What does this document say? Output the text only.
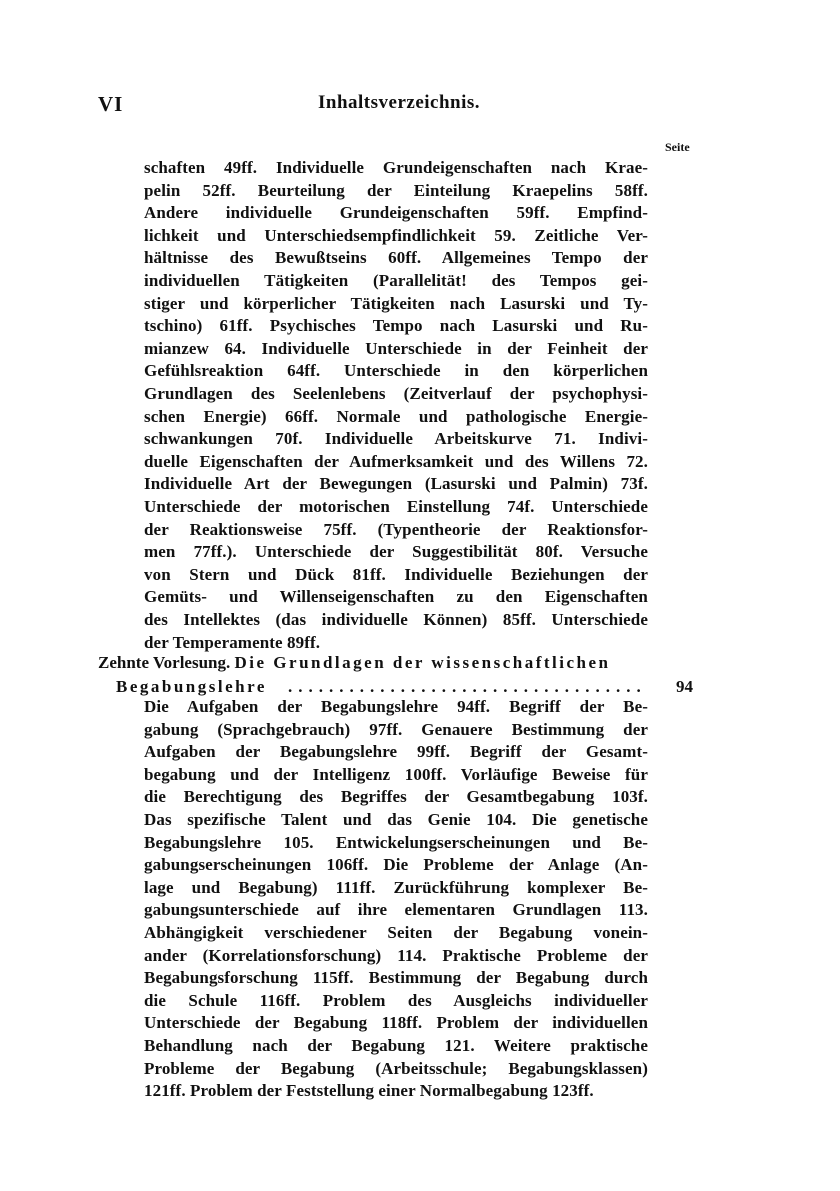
VI	Inhaltsverzeichnis.
Seite
schaften 49ff. Individuelle Grundeigenschaften nach Krae-
pelin 52ff. Beurteilung der Einteilung Kraepelins 58ff.
Andere individuelle Grundeigenschaften 59ff. Empfind-
lichkeit und Unterschiedsempfindlichkeit 59. Zeitliche Ver-
hältnisse des Bewußtseins 60ff. Allgemeines Tempo der
individuellen Tätigkeiten (Parallelität! des Tempos gei-
stiger und körperlicher Tätigkeiten nach Lasurski und Ty-
tschino) 61ff. Psychisches Tempo nach Lasurski und Ru-
mianzew 64. Individuelle Unterschiede in der Feinheit der
Gefühlsreaktion 64ff. Unterschiede in den körperlichen
Grundlagen des Seelenlebens (Zeitverlauf der psychophysi-
schen Energie) 66ff. Normale und pathologische Energie-
schwankungen 70f. Individuelle Arbeitskurve 71. Indivi-
duelle Eigenschaften der Aufmerksamkeit und des Willens 72.
Individuelle Art der Bewegungen (Lasurski und Palmin) 73f.
Unterschiede der motorischen Einstellung 74f. Unterschiede
der Reaktionsweise 75ff. (Typentheorie der Reaktionsfor-
men 77ff.). Unterschiede der Suggestibilität 80f. Versuche
von Stern und Dück 81ff. Individuelle Beziehungen der
Gemüts- und Willenseigenschaften zu den Eigenschaften
des Intellektes (das individuelle Können) 85ff. Unterschiede
der Temperamente 89ff.
Zehnte Vorlesung. Die Grundlagen der wissenschaftlichen
Begabungslehre ...................................	94
Die Aufgaben der Begabungslehre 94ff. Begriff der Be-
gabung (Sprachgebrauch) 97ff. Genauere Bestimmung der
Aufgaben der Begabungslehre 99ff. Begriff der Gesamt-
begabung und der Intelligenz 100ff. Vorläufige Beweise für
die Berechtigung des Begriffes der Gesamtbegabung 103f.
Das spezifische Talent und das Genie 104. Die genetische
Begabungslehre 105. Entwickelungserscheinungen und Be-
gabungserscheinungen 106ff. Die Probleme der Anlage (An-
lage und Begabung) 111ff. Zurückführung komplexer Be-
gabungsunterschiede auf ihre elementaren Grundlagen 113.
Abhängigkeit verschiedener Seiten der Begabung vonein-
ander (Korrelationsforschung) 114. Praktische Probleme der
Begabungsforschung 115ff. Bestimmung der Begabung durch
die Schule 116ff. Problem des Ausgleichs individueller
Unterschiede der Begabung 118ff. Problem der individuellen
Behandlung nach der Begabung 121. Weitere praktische
Probleme der Begabung (Arbeitsschule; Begabungsklassen)
121ff. Problem der Feststellung einer Normalbegabung 123ff.
